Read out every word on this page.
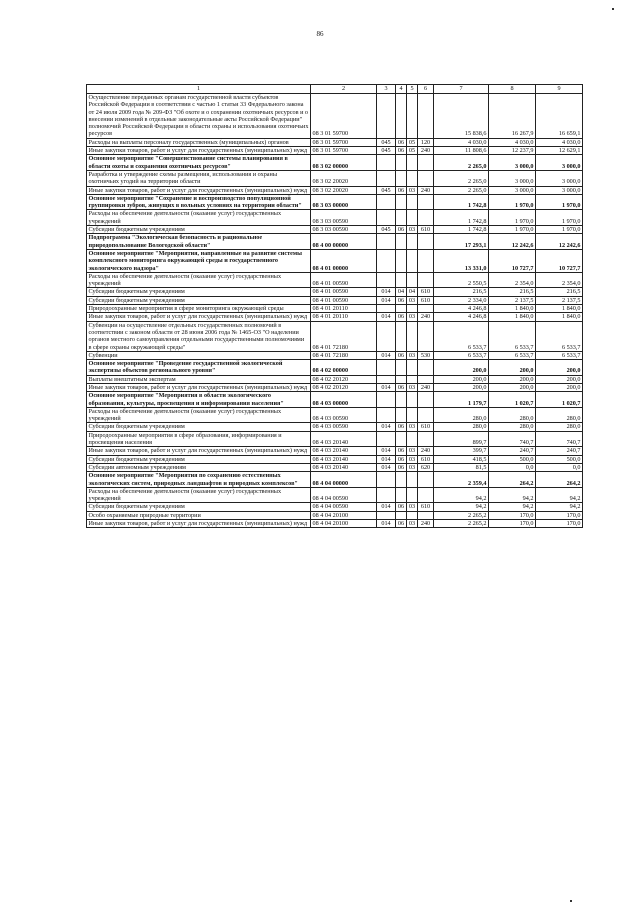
86
1	2	3	4	5	6	7	8	9
Осуществление переданных органам государственной власти субъектов Российской Федерации в соответствии с частью 1 статьи 33 Федерального закона от 24 июля 2009 года № 209-ФЗ "Об охоте и о сохранении охотничьих ресурсов и о внесении изменений в отдельные законодательные акты Российской Федерации" полномочий Российской Федерации в области охраны и использования охотничьих ресурсов	08 3 01 59700					15 838,6	16 267,9	16 659,1
Расходы на выплаты персоналу государственных (муниципальных) органов	08 3 01 59700	045	06	05	120	4 030,0	4 030,0	4 030,0
Иные закупки товаров, работ и услуг для государственных (муниципальных) нужд	08 3 01 59700	045	06	05	240	11 808,6	12 237,9	12 629,1
Основное мероприятие "Совершенствование системы планирования в области охоты и сохранения охотничьих ресурсов"	08 3 02 00000					2 265,0	3 000,0	3 000,0
Разработка и утверждение схемы размещения, использования и охраны охотничьих угодий на территории области	08 3 02 20020					2 265,0	3 000,0	3 000,0
Иные закупки товаров, работ и услуг для государственных (муниципальных) нужд	08 3 02 20020	045	06	03	240	2 265,0	3 000,0	3 000,0
Основное мероприятие "Сохранение и воспроизводство популяционной группировки зубров, живущих в вольных условиях на территории области"	08 3 03 00000					1 742,8	1 970,0	1 970,0
Расходы на обеспечение деятельности (оказание услуг) государственных учреждений	08 3 03 00590					1 742,8	1 970,0	1 970,0
Субсидии бюджетным учреждениям	08 3 03 00590	045	06	03	610	1 742,8	1 970,0	1 970,0
Подпрограмма "Экологическая безопасность и рациональное природопользование Вологодской области"	08 4 00 00000					17 293,1	12 242,6	12 242,6
Основное мероприятие "Мероприятия, направленные на развитие системы комплексного мониторинга окружающей среды и государственного экологического надзора"	08 4 01 00000					13 331,0	10 727,7	10 727,7
Расходы на обеспечение деятельности (оказание услуг) государственных учреждений	08 4 01 00590					2 550,5	2 354,0	2 354,0
Субсидии бюджетным учреждениям	08 4 01 00590	014	04	04	610	216,5	216,5	216,5
Субсидии бюджетным учреждениям	08 4 01 00590	014	06	03	610	2 334,0	2 137,5	2 137,5
Природоохранные мероприятия в сфере мониторинга окружающей среды	08 4 01 20110					4 246,8	1 840,0	1 840,0
Иные закупки товаров, работ и услуг для государственных (муниципальных) нужд	08 4 01 20110	014	06	03	240	4 246,8	1 840,0	1 840,0
Субвенции на осуществление отдельных государственных полномочий в соответствии с законом области от 28 июня 2006 года № 1465-ОЗ "О наделении органов местного самоуправления отдельными государственными полномочиями в сфере охраны окружающей среды"	08 4 01 72180					6 533,7	6 533,7	6 533,7
Субвенции	08 4 01 72180	014	06	03	530	6 533,7	6 533,7	6 533,7
Основное мероприятие "Проведение государственной экологической экспертизы объектов регионального уровня"	08 4 02 00000					200,0	200,0	200,0
Выплаты внештатным экспертам	08 4 02 20120					200,0	200,0	200,0
Иные закупки товаров, работ и услуг для государственных (муниципальных) нужд	08 4 02 20120	014	06	03	240	200,0	200,0	200,0
Основное мероприятие "Мероприятия в области экологического образования, культуры, просвещения и информирования населения"	08 4 03 00000					1 179,7	1 020,7	1 020,7
Расходы на обеспечение деятельности (оказание услуг) государственных учреждений	08 4 03 00590					280,0	280,0	280,0
Субсидии бюджетным учреждениям	08 4 03 00590	014	06	03	610	280,0	280,0	280,0
Природоохранные мероприятия в сфере образования, информирования и просвещения населения	08 4 03 20140					899,7	740,7	740,7
Иные закупки товаров, работ и услуг для государственных (муниципальных) нужд	08 4 03 20140	014	06	03	240	399,7	240,7	240,7
Субсидии бюджетным учреждениям	08 4 03 20140	014	06	03	610	418,5	500,0	500,0
Субсидии автономным учреждениям	08 4 03 20140	014	06	03	620	81,5	0,0	0,0
Основное мероприятие "Мероприятия по сохранению естественных экологических систем, природных ландшафтов и природных комплексов"	08 4 04 00000					2 359,4	264,2	264,2
Расходы на обеспечение деятельности (оказание услуг) государственных учреждений	08 4 04 00590					94,2	94,2	94,2
Субсидии бюджетным учреждениям	08 4 04 00590	014	06	03	610	94,2	94,2	94,2
Особо охраняемые природные территории	08 4 04 20100					2 265,2	170,0	170,0
Иные закупки товаров, работ и услуг для государственных (муниципальных) нужд	08 4 04 20100	014	06	03	240	2 265,2	170,0	170,0
